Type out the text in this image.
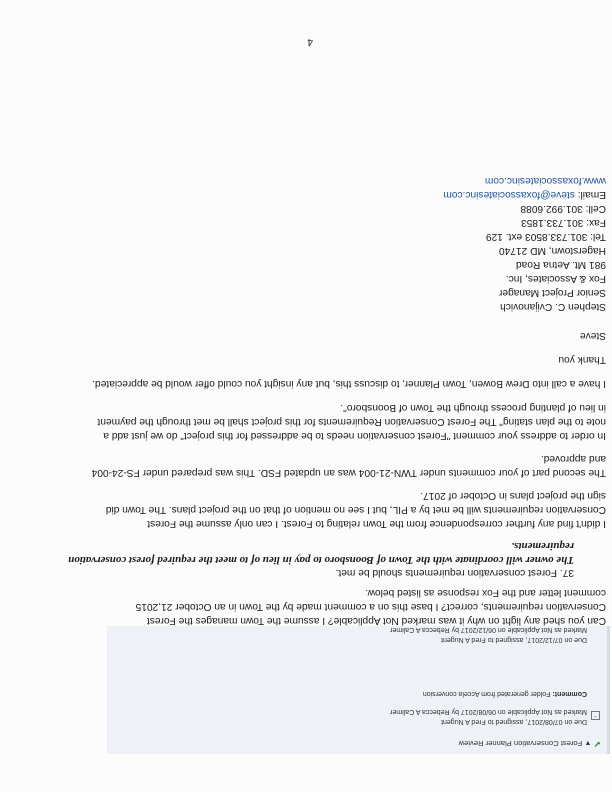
✔ ▼ Forest Conservation Planner Review
−
Due on 07/08/2017, assigned to Fred A Nugent
Marked as Not Applicable on 06/08/2017 by Rebecca A Calimer
Comment: Folder generated from Accela conversion
Due on 07/12/2017, assigned to Fred A Nugent
Marked as Not Applicable on 06/12/2017 by Rebecca A Calimer
Can you shed any light on why it was marked Not Applicable? I assume the Town manages the Forest
Conservation requirements, correct? I base this on a comment made by the Town in an October 21,2015
comment letter and the Fox response as listed below.
37. Forest conservation requirements should be met.
The owner will coordinate with the Town of Boonsboro to pay in lieu of to meet the required forest conservation
requirements.
I didn't find any further correspondence from the Town relating to Forest. I can only assume the Forest
Conservation requirements will be met by a PIL, but I see no mention of that on the project plans. The Town did
sign the project plans in October of 2017.
The second part of your comments under TWN-21-004 was an updated FSD. This was prepared under FS-24-004
and approved.
In order to address your comment "Forest conservation needs to be addressed for this project" do we just add a
note to the plan stating" The Forest Conservation Requirements for this project shall be met through the payment
in lieu of planting process through the Town of Boonsboro".
I have a call into Drew Bowen, Town Planner, to discuss this, but any insight you could offer would be appreciated.
Thank you
Steve
Stephen C. Cvijanovich
Senior Project Manager
Fox & Associates, Inc.
981 Mt. Aetna Road
Hagerstown, MD 21740
Tel: 301.733.8503 ext. 129
Fax: 301.733.1853
Cell: 301.992.6088
Email: steve@foxassociatesinc.com
www.foxassociatesinc.com
4
